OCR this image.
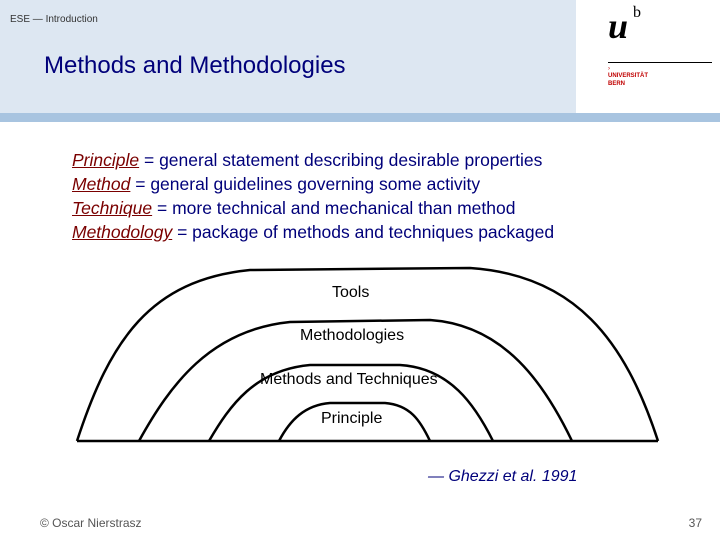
u b
›
UNIVERSITÄT
BERN
ESE — Introduction
Methods and Methodologies
Principle = general statement describing desirable properties
Method = general guidelines governing some activity
Technique = more technical and mechanical than method
Methodology = package of methods and techniques packaged
Tools
Methodologies
Methods and Techniques
Principle
— Ghezzi et al. 1991
© Oscar Nierstrasz	37
